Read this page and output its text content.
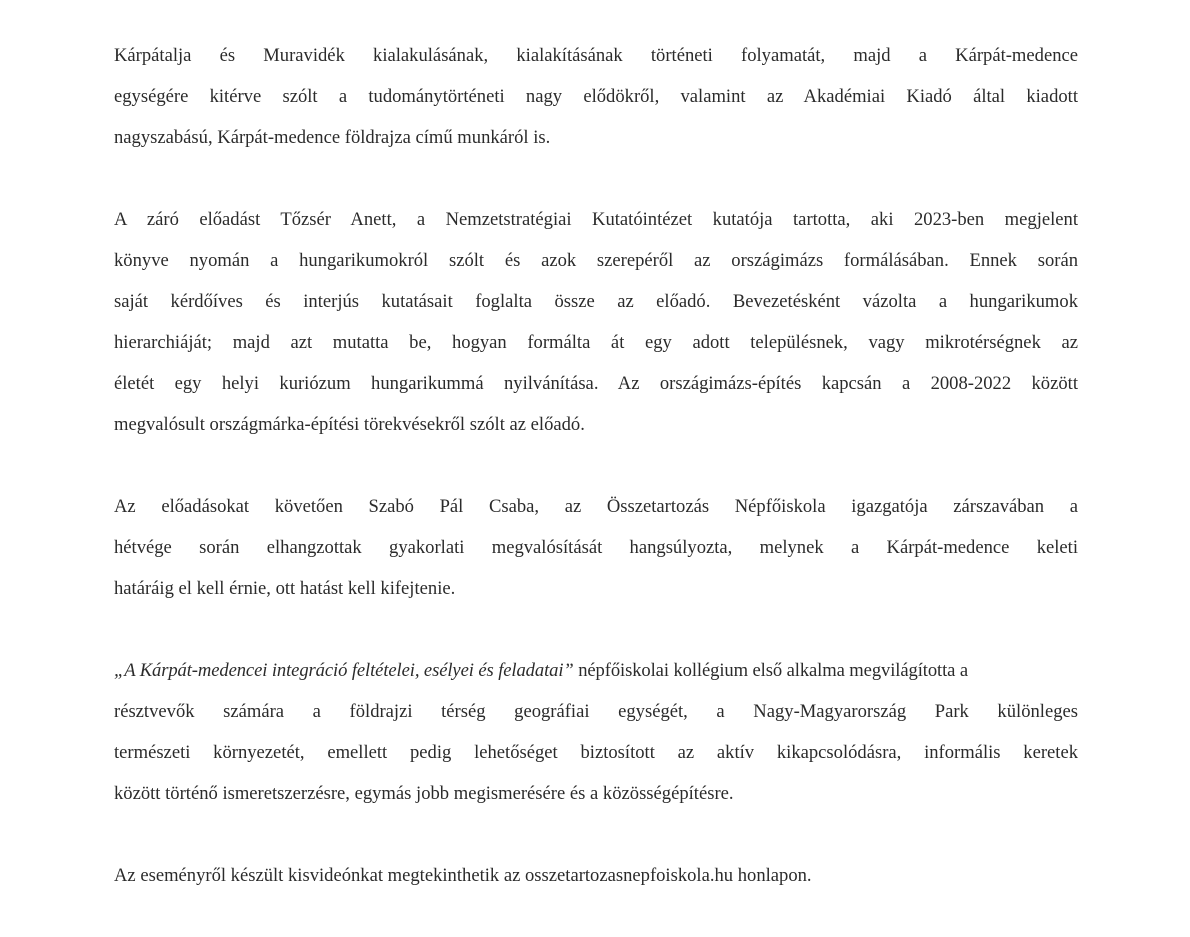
Kárpátalja és Muravidék kialakulásának, kialakításának történeti folyamatát, majd a Kárpát-medence
egységére kitérve szólt a tudománytörténeti nagy elődökről, valamint az Akadémiai Kiadó által kiadott
nagyszabású, Kárpát-medence földrajza című munkáról is.
A záró előadást Tőzsér Anett, a Nemzetstratégiai Kutatóintézet kutatója tartotta, aki 2023-ben megjelent
könyve nyomán a hungarikumokról szólt és azok szerepéről az országimázs formálásában. Ennek során
saját kérdőíves és interjús kutatásait foglalta össze az előadó. Bevezetésként vázolta a hungarikumok
hierarchiáját; majd azt mutatta be, hogyan formálta át egy adott településnek, vagy mikrotérségnek az
életét egy helyi kuriózum hungarikummá nyilvánítása. Az országimázs-építés kapcsán a 2008-2022 között
megvalósult országmárka-építési törekvésekről szólt az előadó.
Az előadásokat követően Szabó Pál Csaba, az Összetartozás Népfőiskola igazgatója zárszavában a
hétvége során elhangzottak gyakorlati megvalósítását hangsúlyozta, melynek a Kárpát-medence keleti
határáig el kell érnie, ott hatást kell kifejtenie.
„A Kárpát-medencei integráció feltételei, esélyei és feladatai” népfőiskolai kollégium első alkalma megvilágította a
résztvevők számára a földrajzi térség geográfiai egységét, a Nagy-Magyarország Park különleges
természeti környezetét, emellett pedig lehetőséget biztosított az aktív kikapcsolódásra, informális keretek
között történő ismeretszerzésre, egymás jobb megismerésére és a közösségépítésre.
Az eseményről készült kisvideónkat megtekinthetik az osszetartozasnepfoiskola.hu honlapon.
